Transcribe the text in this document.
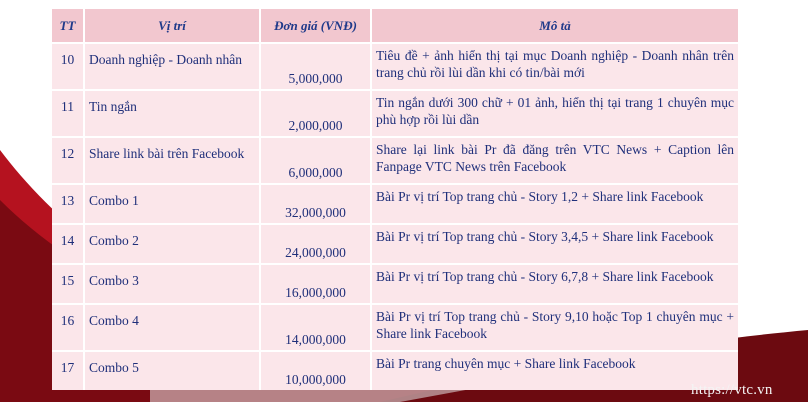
TT	Vị trí	Đơn giá (VNĐ)	Mô tả
10	Doanh nghiệp - Doanh nhân	5,000,000	Tiêu đề + ảnh hiển thị tại mục Doanh nghiệp - Doanh nhân trên trang chủ rồi lùi dần khi có tin/bài mới
11	Tin ngắn	2,000,000	Tin ngắn dưới 300 chữ + 01 ảnh, hiển thị tại trang 1 chuyên mục phù hợp rồi lùi dần
12	Share link bài trên Facebook	6,000,000	Share lại link bài Pr đã đăng trên VTC News + Caption lên Fanpage VTC News trên Facebook
13	Combo 1	32,000,000	Bài Pr vị trí Top trang chủ - Story 1,2 + Share link Facebook
14	Combo 2	24,000,000	Bài Pr vị trí Top trang chủ - Story 3,4,5 + Share link Facebook
15	Combo 3	16,000,000	Bài Pr vị trí Top trang chủ - Story 6,7,8 + Share link Facebook
16	Combo 4	14,000,000	Bài Pr vị trí Top trang chủ - Story 9,10 hoặc Top 1 chuyên mục + Share link Facebook
17	Combo 5	10,000,000	Bài Pr trang chuyên mục + Share link Facebook
https://vtc.vn
